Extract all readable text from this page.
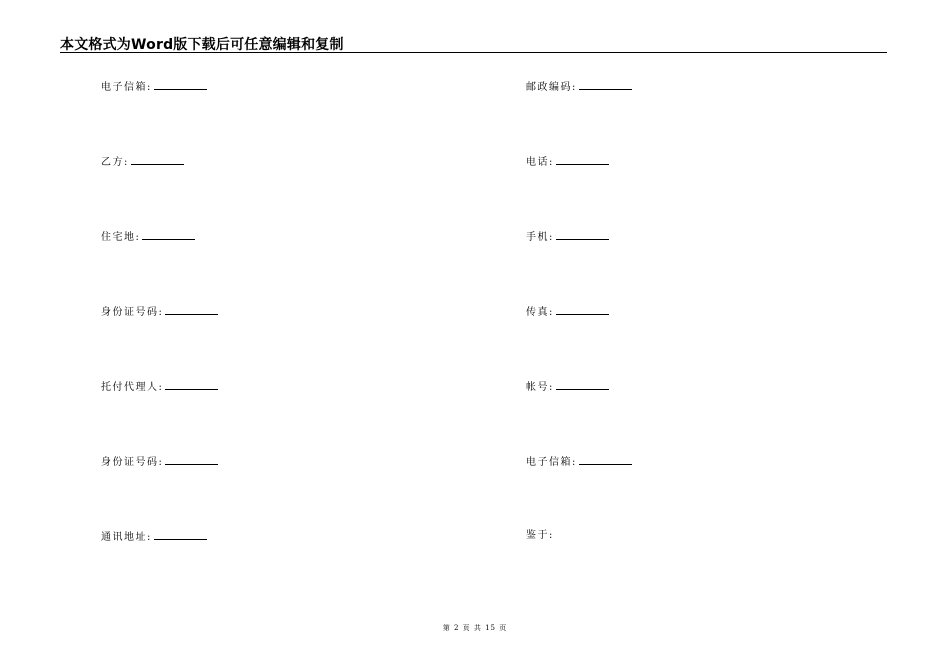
本文格式为Word版下载后可任意编辑和复制
电子信箱:
乙方:
住宅地:
身份证号码:
托付代理人:
身份证号码:
通讯地址:
邮政编码:
电话:
手机:
传真:
帐号:
电子信箱:
鉴于:
第 2 页 共 15 页
